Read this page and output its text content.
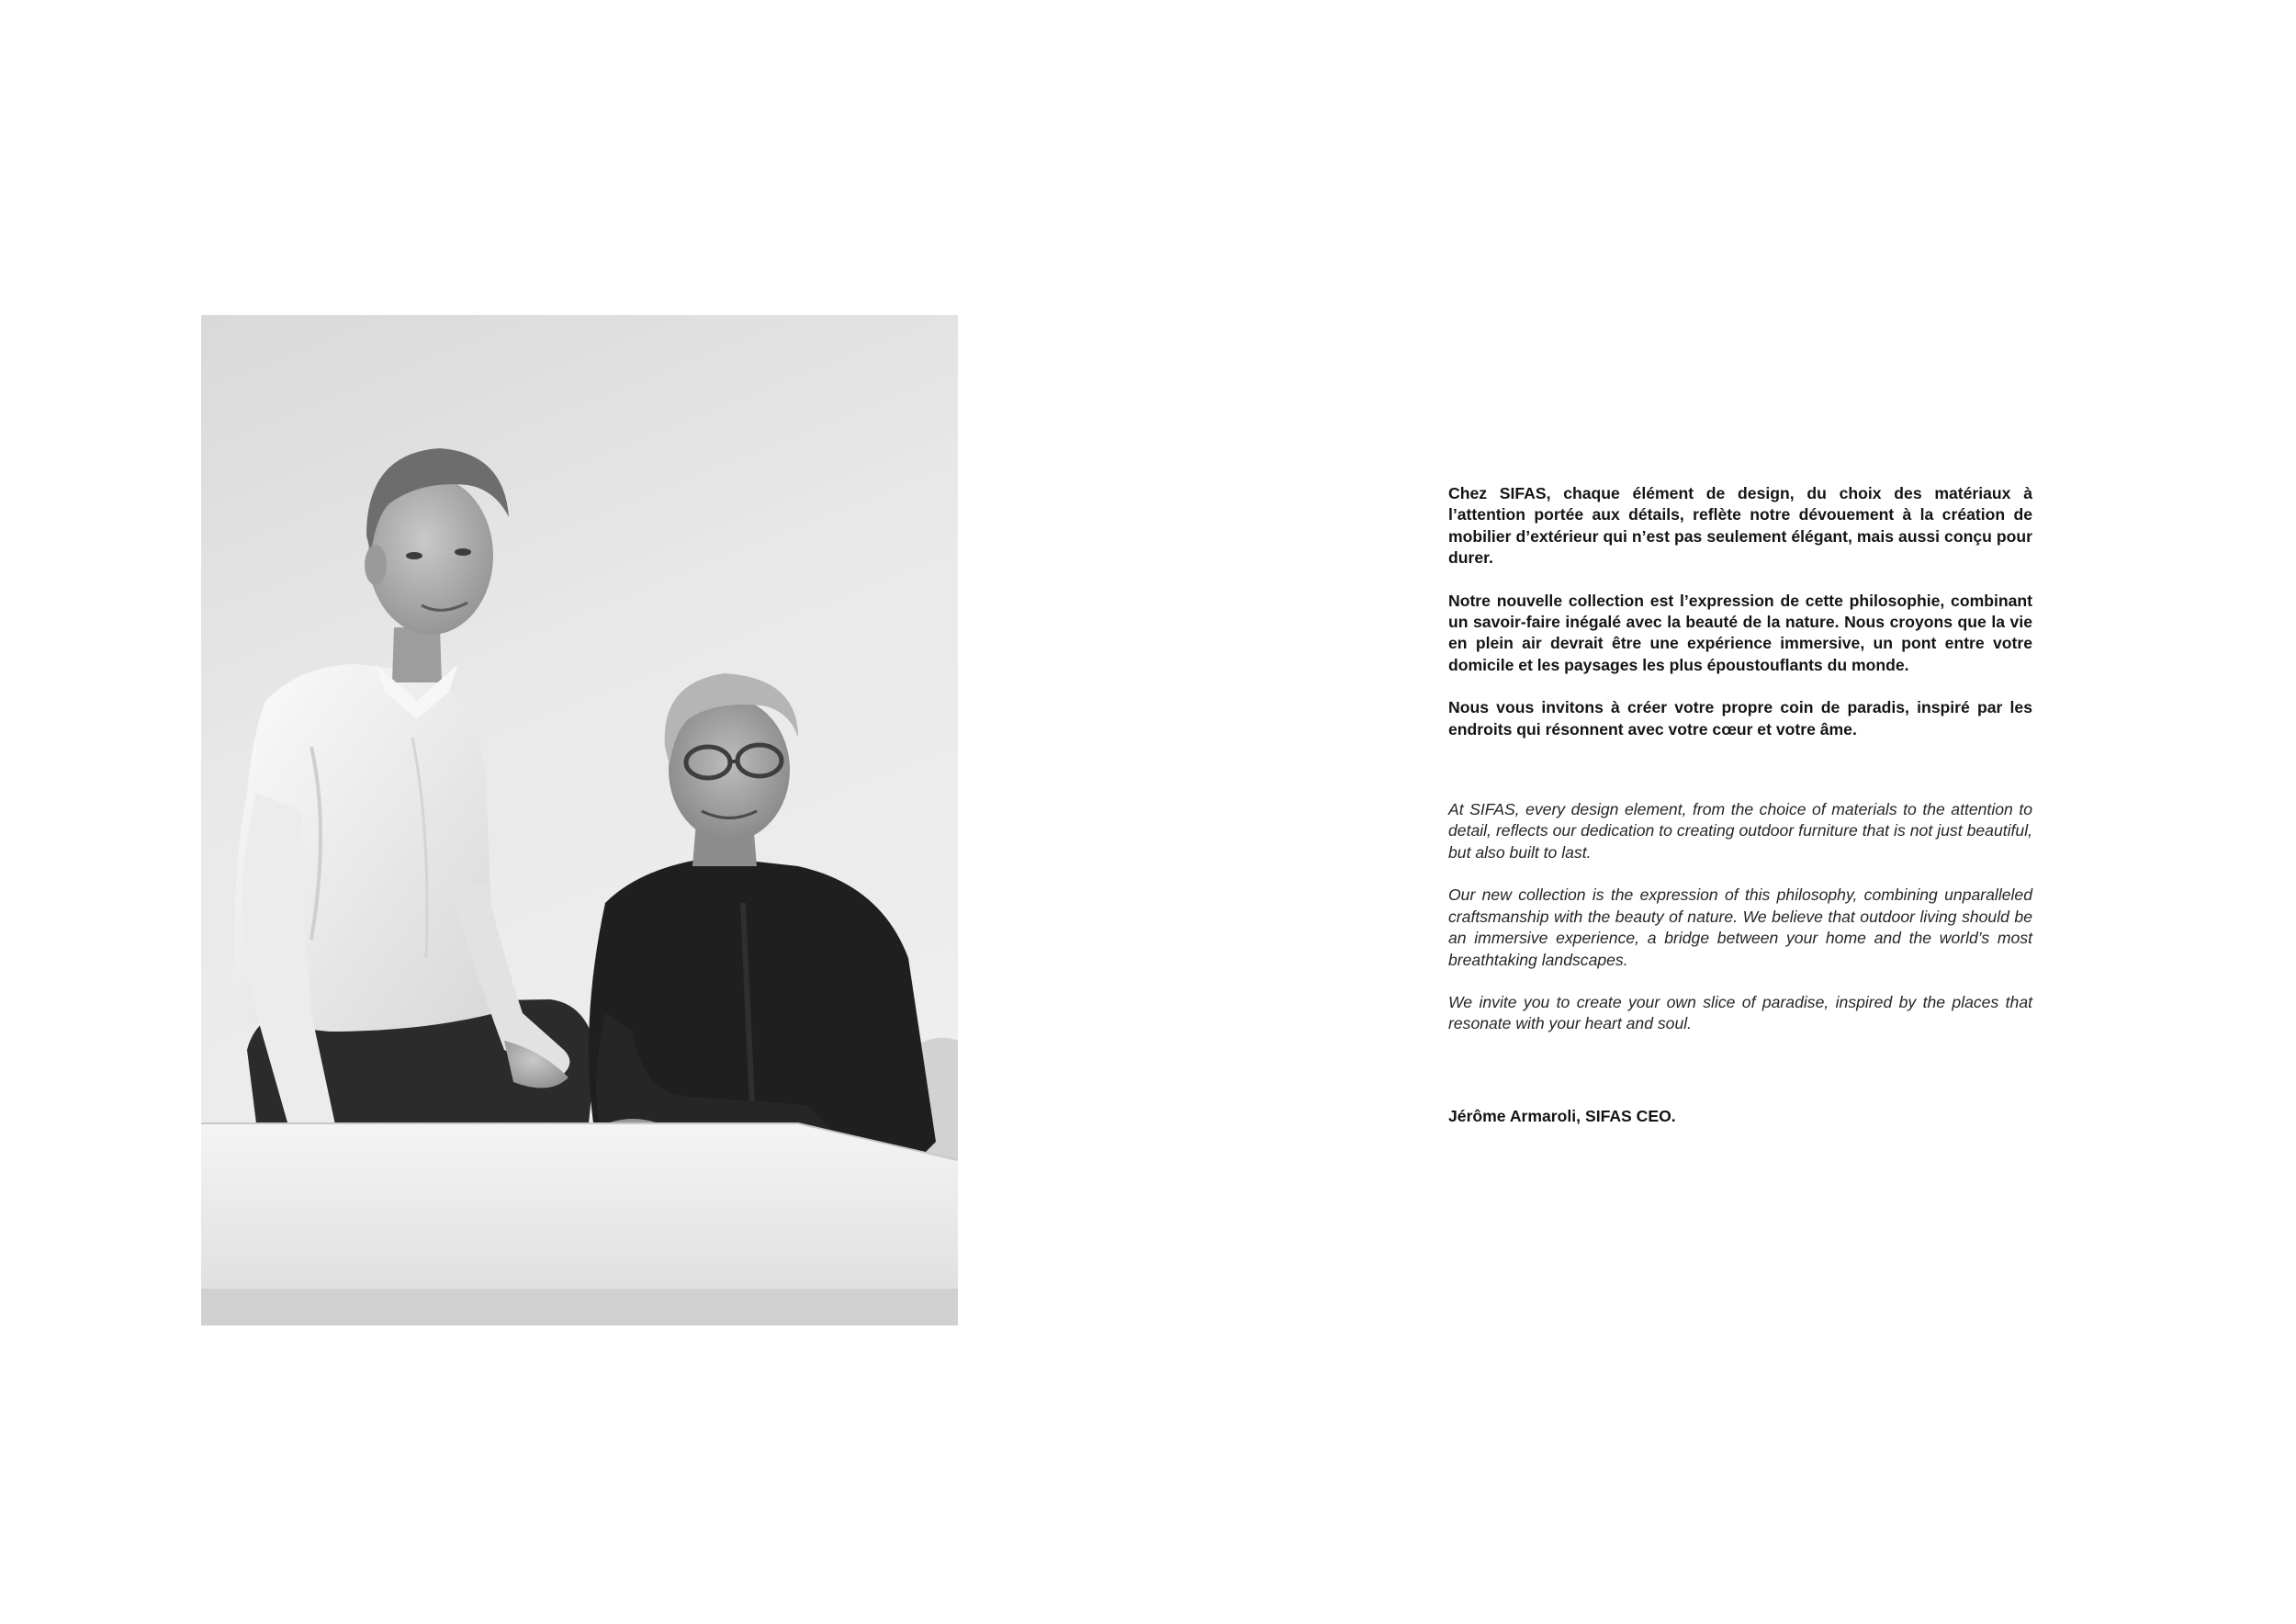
Chez SIFAS, chaque élément de design, du choix des matériaux à l’attention portée aux détails, reflète notre dévouement à la création de mobilier d’extérieur qui n’est pas seulement élégant, mais aussi conçu pour durer.

Notre nouvelle collection est l’expression de cette philosophie, combinant un savoir-faire inégalé avec la beauté de la nature. Nous croyons que la vie en plein air devrait être une expérience immersive, un pont entre votre domicile et les paysages les plus époustouflants du monde.

Nous vous invitons à créer votre propre coin de paradis, inspiré par les endroits qui résonnent avec votre cœur et votre âme.

At SIFAS, every design element, from the choice of materials to the attention to detail, reflects our dedication to creating outdoor furniture that is not just beautiful, but also built to last.

Our new collection is the expression of this philosophy, combining unparalleled craftsmanship with the beauty of nature. We believe that outdoor living should be an immersive experience, a bridge between your home and the world’s most breathtaking landscapes.

We invite you to create your own slice of paradise, inspired by the places that resonate with your heart and soul.

Jérôme Armaroli, SIFAS CEO.
